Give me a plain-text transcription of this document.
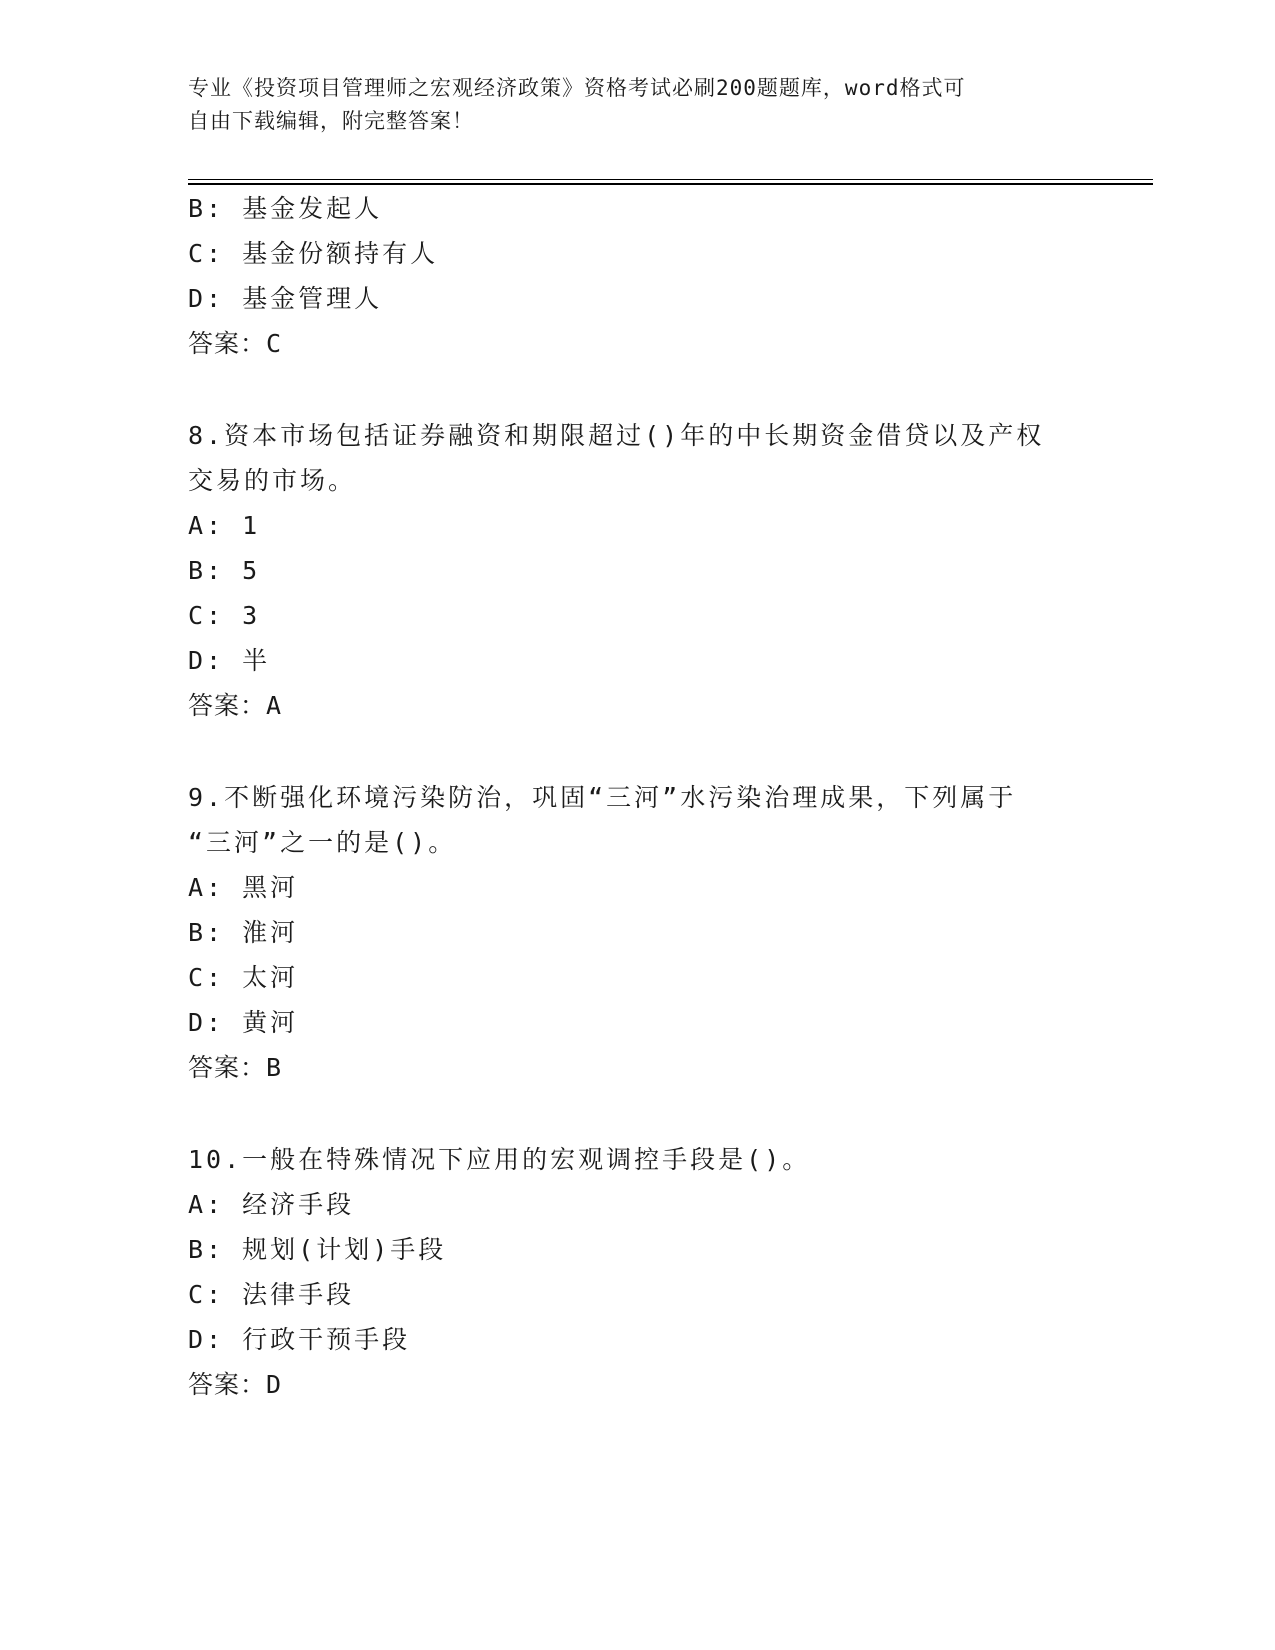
专业《投资项目管理师之宏观经济政策》资格考试必刷200题题库，word格式可
自由下载编辑，附完整答案！
B: 基金发起人
C: 基金份额持有人
D: 基金管理人
答案：C
8.资本市场包括证券融资和期限超过()年的中长期资金借贷以及产权
交易的市场。
A: 1
B: 5
C: 3
D: 半
答案：A
9.不断强化环境污染防治，巩固“三河”水污染治理成果，下列属于
“三河”之一的是()。
A: 黑河
B: 淮河
C: 太河
D: 黄河
答案：B
10.一般在特殊情况下应用的宏观调控手段是()。
A: 经济手段
B: 规划(计划)手段
C: 法律手段
D: 行政干预手段
答案：D
